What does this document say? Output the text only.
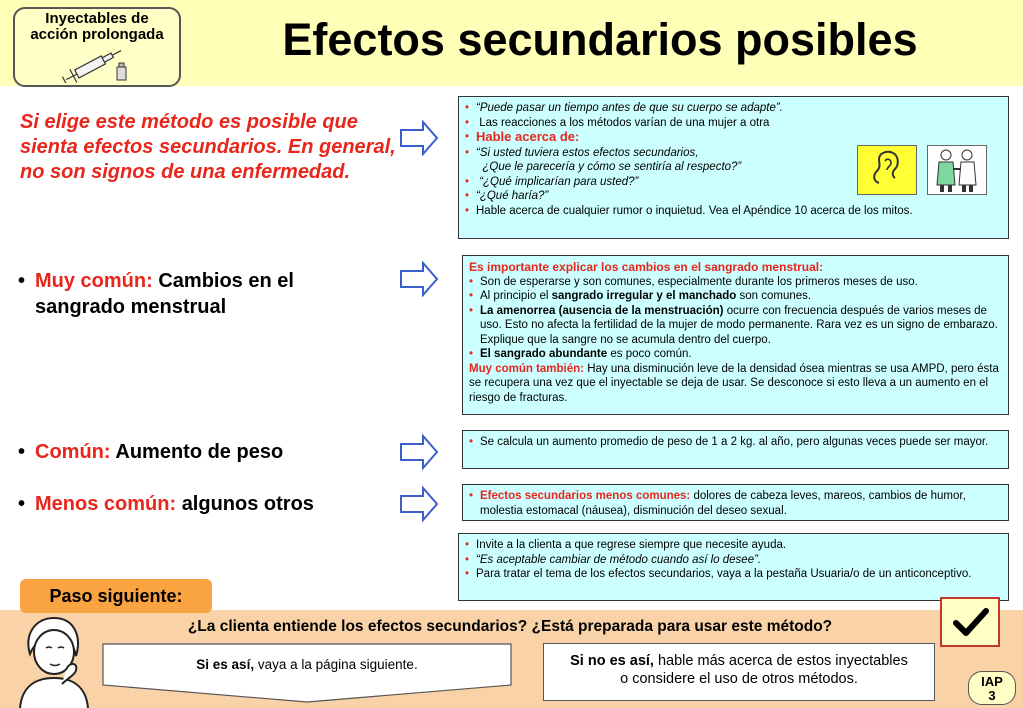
Inyectables de
acción prolongada	Efectos secundarios posibles
Si elige este método es posible que sienta efectos secundarios. En general, no son signos de una enfermedad.
• Muy común: Cambios en el sangrado menstrual
• Común: Aumento de peso
• Menos común: algunos otros
• “Puede pasar un tiempo antes de que su cuerpo se adapte”.
• Las reacciones a los métodos varían de una mujer a otra
• Hable acerca de:
• “Si usted tuviera estos efectos secundarios,
¿Que le parecería y cómo se sentiría al respecto?”
• “¿Qué implicarían para usted?”
• “¿Qué haría?”
• Hable acerca de cualquier rumor o inquietud. Vea el Apéndice 10 acerca de los mitos.
Es importante explicar los cambios en el sangrado menstrual:
• Son de esperarse y son comunes, especialmente durante los primeros meses de uso.
• Al principio el sangrado irregular y el manchado son comunes.
• La amenorrea (ausencia de la menstruación) ocurre con frecuencia después de varios meses de uso. Esto no afecta la fertilidad de la mujer de modo permanente. Rara vez es un signo de embarazo. Explique que la sangre no se acumula dentro del cuerpo.
• El sangrado abundante es poco común.
Muy común también: Hay una disminución leve de la densidad ósea mientras se usa AMPD, pero ésta se recupera una vez que el inyectable se deja de usar. Se desconoce si esto lleva a un aumento en el riesgo de fracturas.
• Se calcula un aumento promedio de peso de 1 a 2 kg. al año, pero algunas veces puede ser mayor.
• Efectos secundarios menos comunes: dolores de cabeza leves, mareos, cambios de humor, molestia estomacal (náusea), disminución del deseo sexual.
• Invite a la clienta a que regrese siempre que necesite ayuda.
• “Es aceptable cambiar de método cuando así lo desee”.
• Para tratar el tema de los efectos secundarios, vaya a la pestaña Usuaria/o de un anticonceptivo.
Paso siguiente:
¿La clienta entiende los efectos secundarios? ¿Está preparada para usar este método?
Si es así, vaya a la página siguiente.	Si no es así, hable más acerca de estos inyectables
o considere el uso de otros métodos.	IAP
3
